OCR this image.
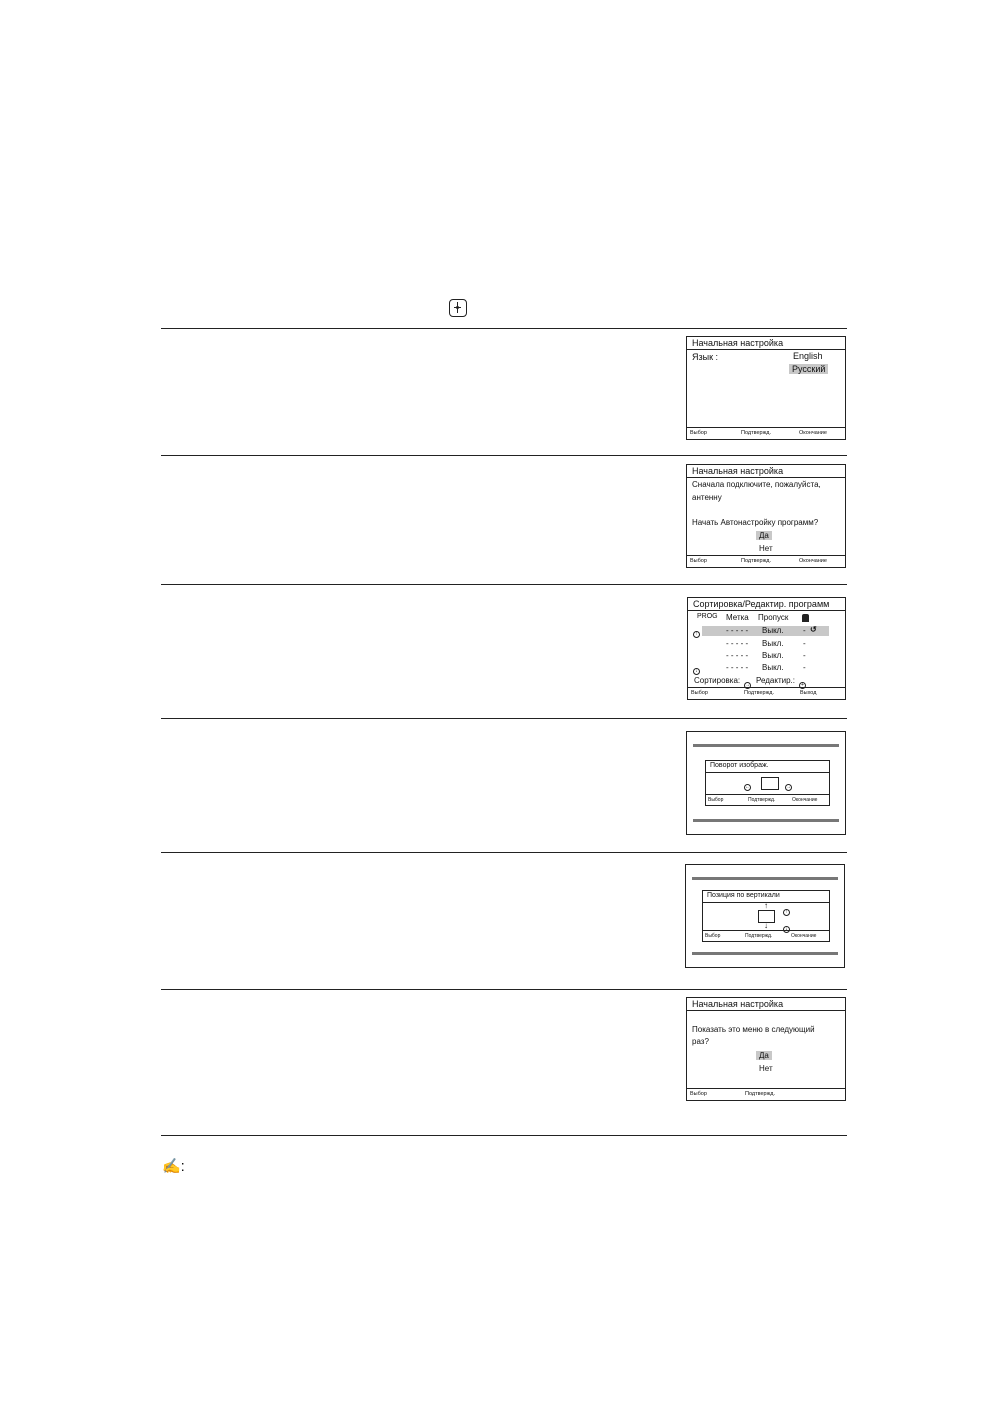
Начальная настройка
Язык :	English
Русский
Выбор	Подтвержд.	Окончание
Начальная настройка
Сначала подключите, пожалуйста,
антенну
Начать Автонастройку программ?
Да
Нет
Выбор	Подтвержд.	Окончание
Сортировка/Редактир. программ
PROG Метка Пропуск
↑
↓
- - - - - Выкл. - ↺
- - - - - Выкл. -
- - - - - Выкл. -
- - - - - Выкл. -
Сортировка:
→
Редактир.:
+
Выбор	Подтвержд.	Выход
Поворот изображ.
←	→
Выбор	Подтвержд.	Окончание
Позиция по вертикали
↑
↓
↑
Выбор	Подтвержд.	Окончание
Начальная настройка
Показать это меню в следующий
раз?
Да
Нет
Выбор	Подтвержд.
✍:
